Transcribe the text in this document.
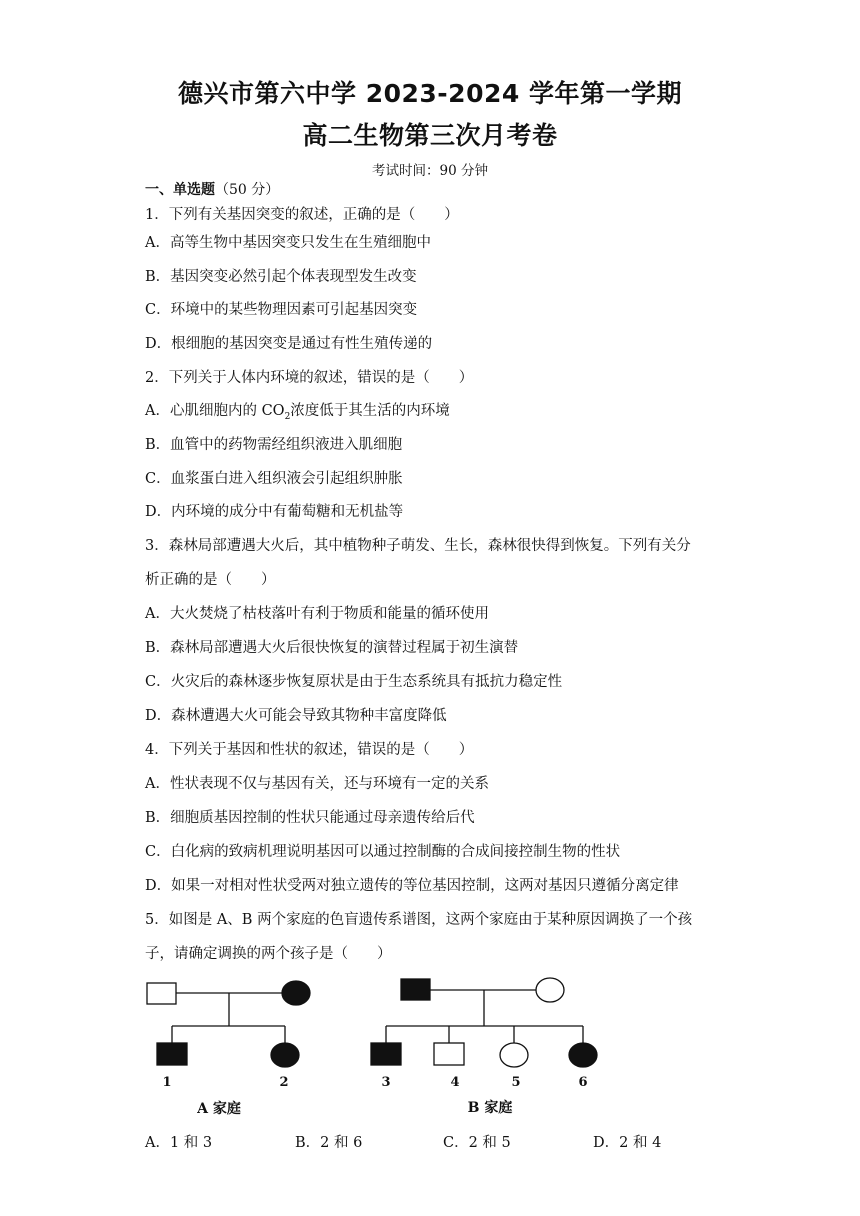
德兴市第六中学 2023-2024 学年第一学期
高二生物第三次月考卷
考试时间：90 分钟
一、单选题（50 分）
1．下列有关基因突变的叙述，正确的是（　　）
A．高等生物中基因突变只发生在生殖细胞中
B．基因突变必然引起个体表现型发生改变
C．环境中的某些物理因素可引起基因突变
D．根细胞的基因突变是通过有性生殖传递的
2．下列关于人体内环境的叙述，错误的是（　　）
A．心肌细胞内的 $CO_2$浓度低于其生活的内环境
B．血管中的药物需经组织液进入肌细胞
C．血浆蛋白进入组织液会引起组织肿胀
D．内环境的成分中有葡萄糖和无机盐等
3．森林局部遭遇大火后，其中植物种子萌发、生长，森林很快得到恢复。下列有关分
析正确的是（　　）
A．大火焚烧了枯枝落叶有利于物质和能量的循环使用
B．森林局部遭遇大火后很快恢复的演替过程属于初生演替
C．火灾后的森林逐步恢复原状是由于生态系统具有抵抗力稳定性
D．森林遭遇大火可能会导致其物种丰富度降低
4．下列关于基因和性状的叙述，错误的是（　　）
A．性状表现不仅与基因有关，还与环境有一定的关系
B．细胞质基因控制的性状只能通过母亲遗传给后代
C．白化病的致病机理说明基因可以通过控制酶的合成间接控制生物的性状
D．如果一对相对性状受两对独立遗传的等位基因控制，这两对基因只遵循分离定律
5．如图是 A、B 两个家庭的色盲遗传系谱图，这两个家庭由于某种原因调换了一个孩
子，请确定调换的两个孩子是（　　）
1	2	3	4	5	6
A 家庭	B 家庭
A．1 和 3	B．2 和 6	C．2 和 5	D．2 和 4
